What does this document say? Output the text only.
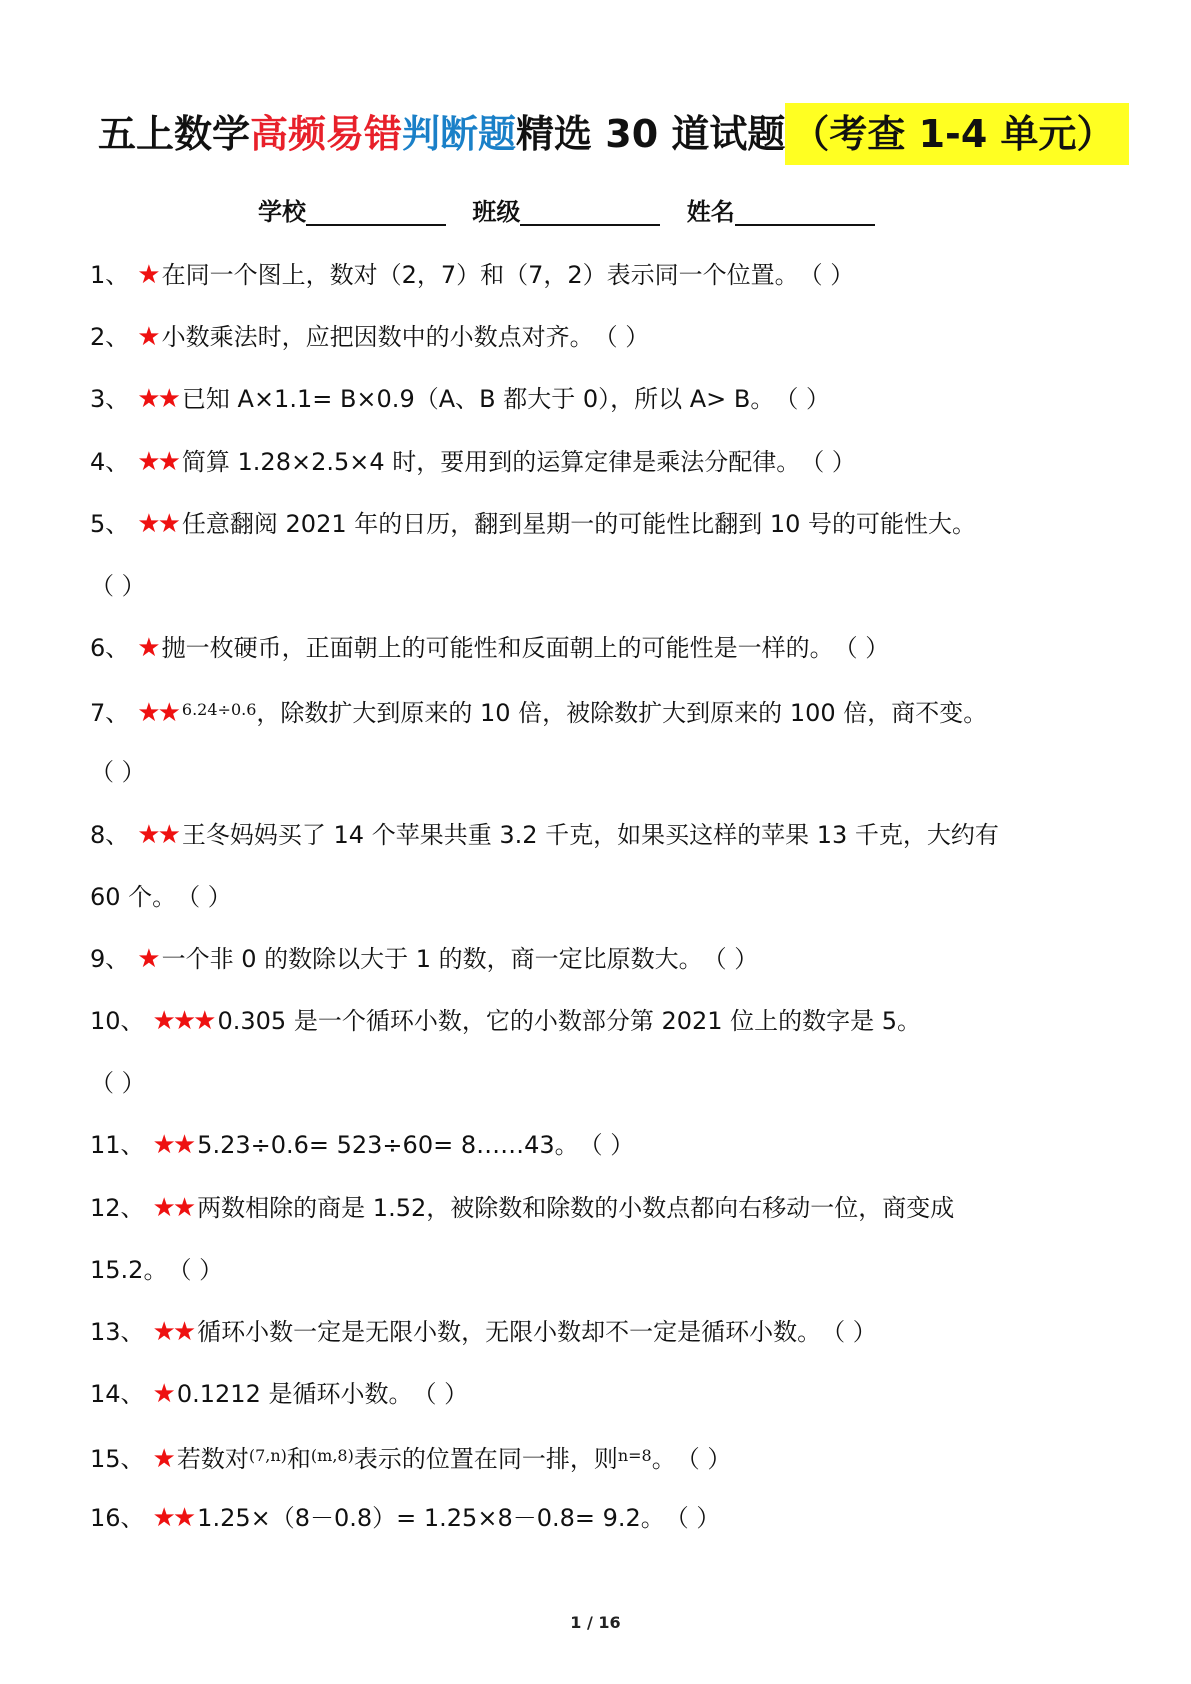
五上数学高频易错判断题精选 30 道试题 （考查 1-4 单元）
学校	班级	姓名
1、 ★ 在同一个图上，数对（2，7）和（7，2）表示同一个位置。（ ）
2、 ★ 小数乘法时，应把因数中的小数点对齐。（ ）
3、 ★★ 已知 A×1.1= B×0.9（A、B 都大于 0），所以 A> B。（ ）
4、 ★★ 简算 1.28×2.5×4 时，要用到的运算定律是乘法分配律。（ ）
5、 ★★ 任意翻阅 2021 年的日历，翻到星期一的可能性比翻到 10 号的可能性大。
（ ）
6、 ★ 抛一枚硬币，正面朝上的可能性和反面朝上的可能性是一样的。（ ）
7、 ★★ $^{6.24\div 0.6}$，除数扩大到原来的 10 倍，被除数扩大到原来的 100 倍，商不变。
（ ）
8、 ★★ 王冬妈妈买了 14 个苹果共重 3.2 千克，如果买这样的苹果 13 千克，大约有
60 个。（ ）
9、 ★ 一个非 0 的数除以大于 1 的数，商一定比原数大。（ ）
10、 ★★★ 0.305 是一个循环小数，它的小数部分第 2021 位上的数字是 5。
（ ）
11、 ★★ 5.23÷0.6= 523÷60= 8……43。（ ）
12、 ★★ 两数相除的商是 1.52，被除数和除数的小数点都向右移动一位，商变成
15.2。（ ）
13、 ★★ 循环小数一定是无限小数，无限小数却不一定是循环小数。（ ）
14、 ★ 0.1212 是循环小数。（ ）
15、 ★ 若数对$^{(7,n)}$和$^{(m,8)}$表示的位置在同一排，则$^{n=8}$。（ ）
16、 ★★ 1.25×（8－0.8）= 1.25×8－0.8= 9.2。（ ）
1 / 16
